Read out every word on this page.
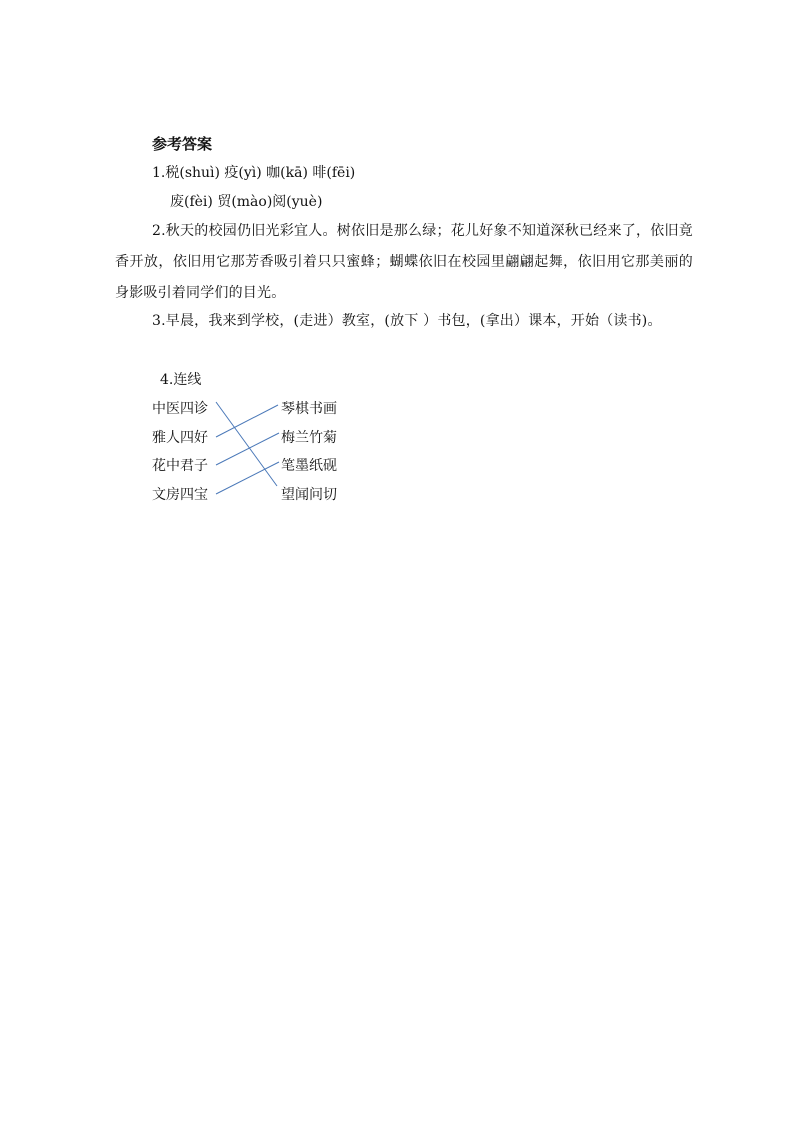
参考答案
1.税(shuì) 疫(yì) 咖(kā) 啡(fēi)
废(fèi) 贸(mào)阅(yuè)
2.秋天的校园仍旧光彩宜人。树依旧是那么绿；花儿好象不知道深秋已经来了，依旧竟香开放，依旧用它那芳香吸引着只只蜜蜂；蝴蝶依旧在校园里翩翩起舞，依旧用它那美丽的身影吸引着同学们的目光。
3.早晨，我来到学校，(走进）教室，(放下 ）书包，(拿出）课本，开始（读书)。
4.连线
中医四诊
雅人四好
花中君子
文房四宝
琴棋书画
梅兰竹菊
笔墨纸砚
望闻问切
